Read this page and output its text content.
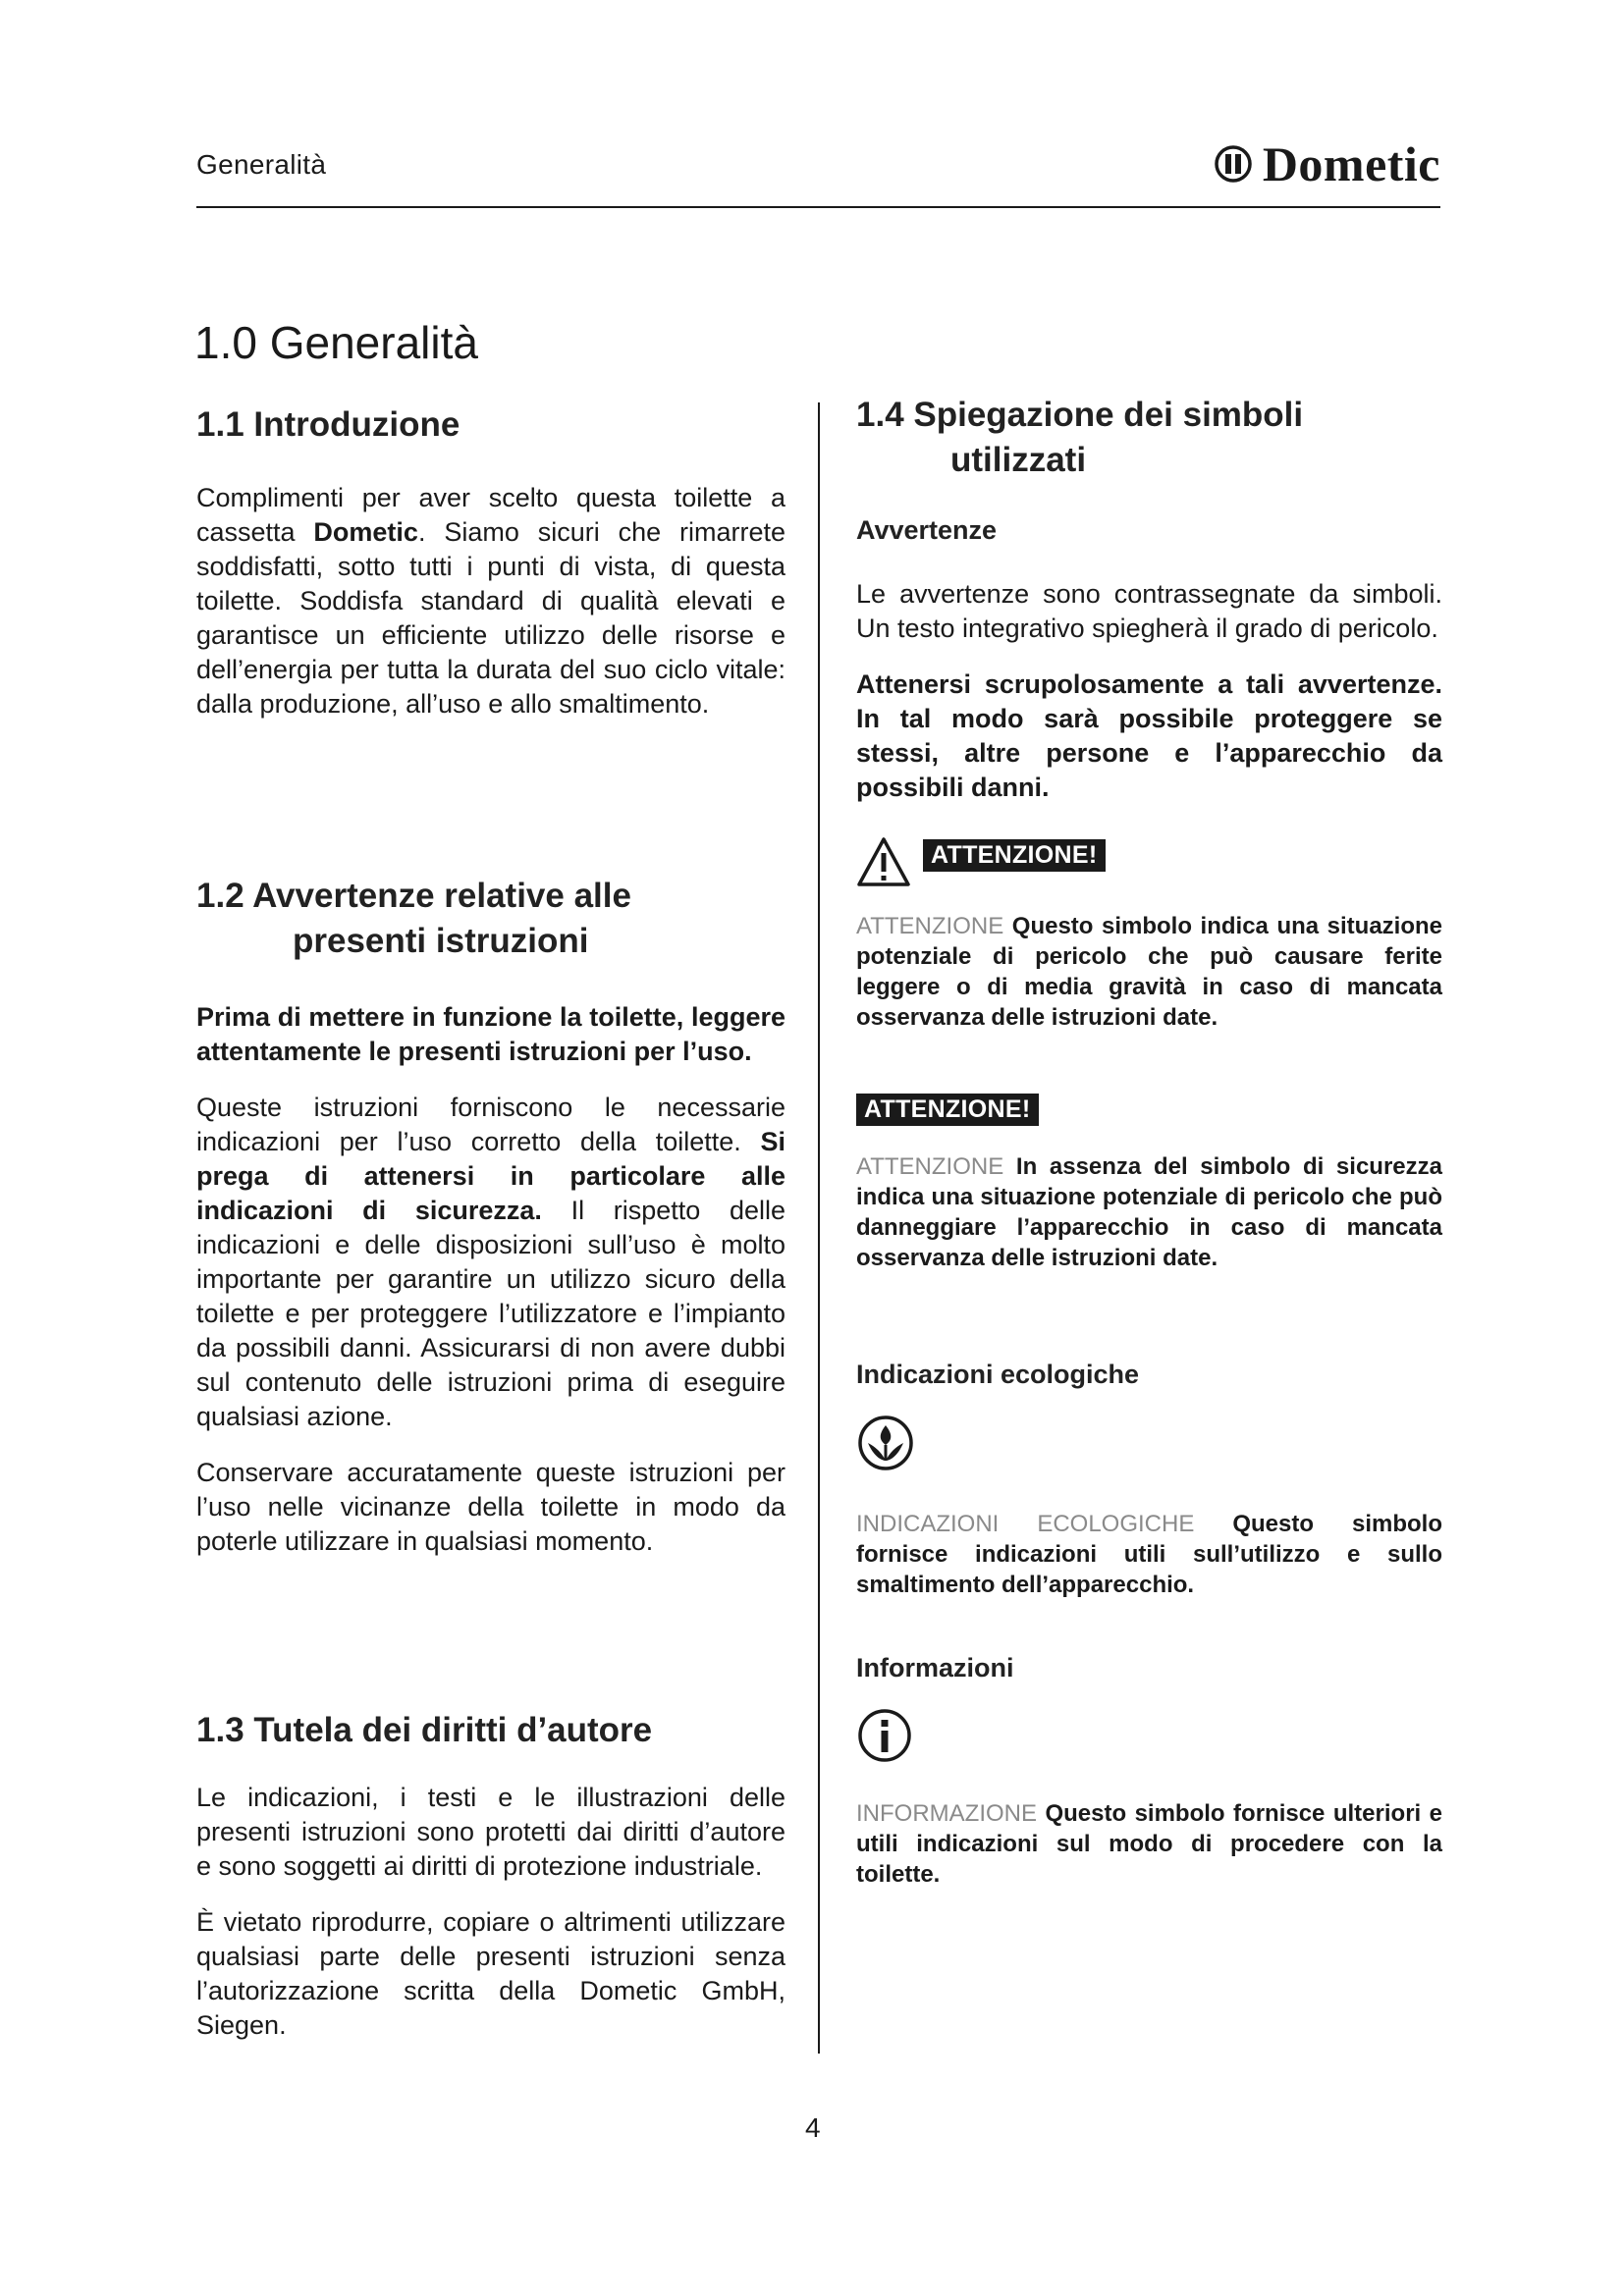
Generalità	Dometic
1.0 Generalità
1.1 Introduzione

Complimenti per aver scelto questa toilette a cassetta Dometic. Siamo sicuri che rimarrete soddisfatti, sotto tutti i punti di vista, di questa toilette. Soddisfa standard di qualità elevati e garantisce un efficiente utilizzo delle risorse e dell’energia per tutta la durata del suo ciclo vitale: dalla produzione, all’uso e allo smaltimento.

1.2 Avvertenze relative alle
presenti istruzioni

Prima di mettere in funzione la toilette, leggere attentamente le presenti istruzioni per l’uso.

Queste istruzioni forniscono le necessarie indicazioni per l’uso corretto della toilette. Si prega di attenersi in particolare alle indicazioni di sicurezza. Il rispetto delle indicazioni e delle disposizioni sull’uso è molto importante per garantire un utilizzo sicuro della toilette e per proteggere l’utilizzatore e l’impianto da possibili danni. Assicurarsi di non avere dubbi sul contenuto delle istruzioni prima di eseguire qualsiasi azione.

Conservare accuratamente queste istruzioni per l’uso nelle vicinanze della toilette in modo da poterle utilizzare in qualsiasi momento.

1.3 Tutela dei diritti d’autore

Le indicazioni, i testi e le illustrazioni delle presenti istruzioni sono protetti dai diritti d’autore e sono soggetti ai diritti di protezione industriale.

È vietato riprodurre, copiare o altrimenti utilizzare qualsiasi parte delle presenti istruzioni senza l’autorizzazione scritta della Dometic GmbH, Siegen.

1.4 Spiegazione dei simboli
utilizzati
Avvertenze

Le avvertenze sono contrassegnate da simboli. Un testo integrativo spiegherà il grado di pericolo.

Attenersi scrupolosamente a tali avvertenze. In tal modo sarà possibile proteggere se stessi, altre persone e l’apparecchio da possibili danni.

ATTENZIONE!

ATTENZIONE Questo simbolo indica una situazione potenziale di pericolo che può causare ferite leggere o di media gravità in caso di mancata osservanza delle istruzioni date.

ATTENZIONE!

ATTENZIONE In assenza del simbolo di sicurezza indica una situazione potenziale di pericolo che può danneggiare l’apparecchio in caso di mancata osservanza delle istruzioni date.

Indicazioni ecologiche

INDICAZIONI ECOLOGICHE Questo simbolo fornisce indicazioni utili sull’utilizzo e sullo smaltimento dell’apparecchio.

Informazioni

INFORMAZIONE Questo simbolo fornisce ulteriori e utili indicazioni sul modo di procedere con la toilette.

4
